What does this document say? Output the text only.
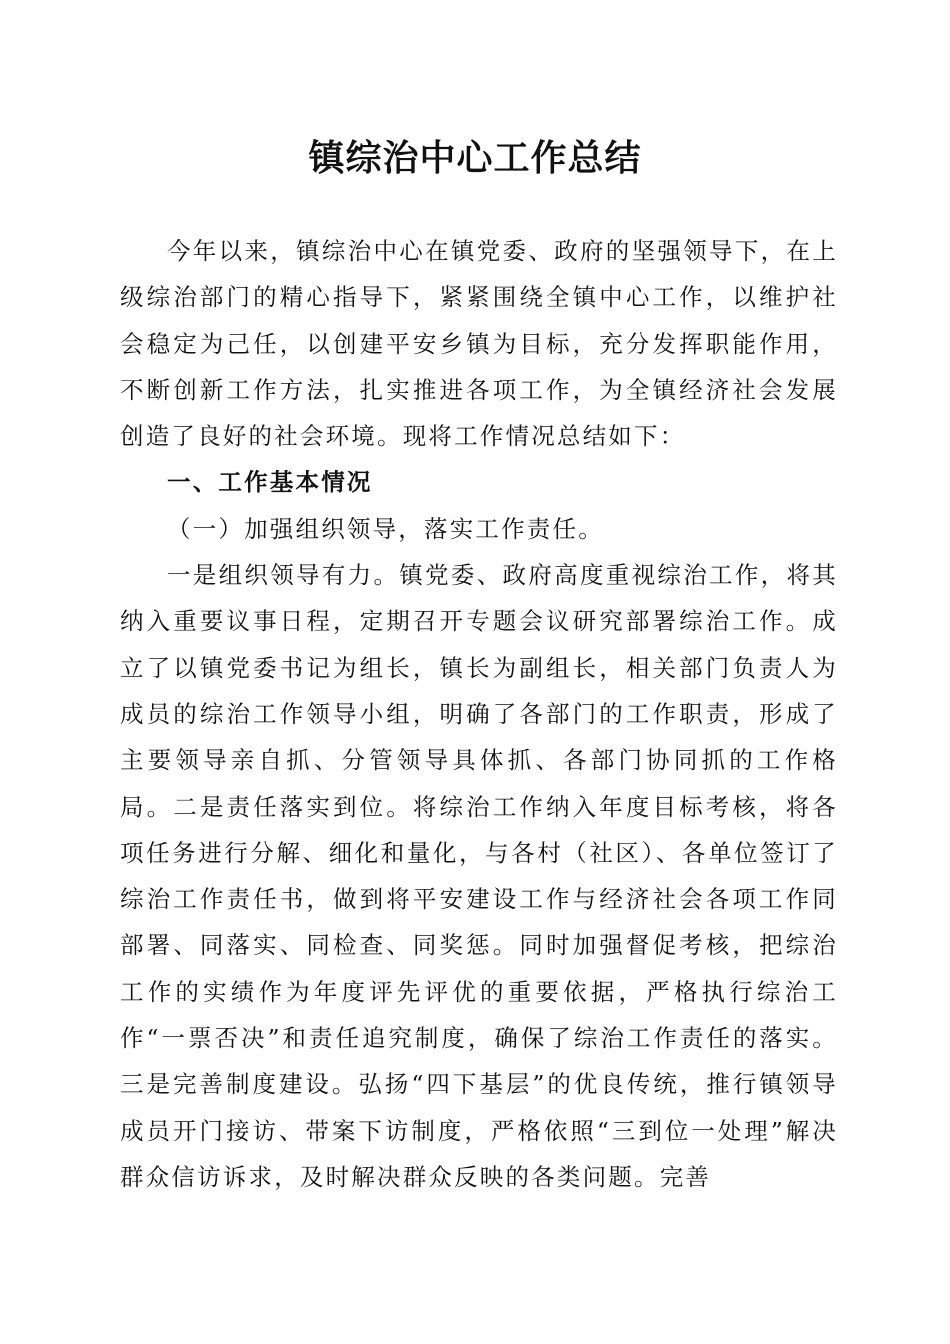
镇综治中心工作总结

今年以来，镇综治中心在镇党委、政府的坚强领导下，在上级综治部门的精心指导下，紧紧围绕全镇中心工作，以维护社会稳定为己任，以创建平安乡镇为目标，充分发挥职能作用，不断创新工作方法，扎实推进各项工作，为全镇经济社会发展创造了良好的社会环境。现将工作情况总结如下：

一、工作基本情况

（一）加强组织领导，落实工作责任。

一是组织领导有力。镇党委、政府高度重视综治工作，将其纳入重要议事日程，定期召开专题会议研究部署综治工作。成立了以镇党委书记为组长，镇长为副组长，相关部门负责人为成员的综治工作领导小组，明确了各部门的工作职责，形成了主要领导亲自抓、分管领导具体抓、各部门协同抓的工作格局。二是责任落实到位。将综治工作纳入年度目标考核，将各项任务进行分解、细化和量化，与各村（社区）、各单位签订了综治工作责任书，做到将平安建设工作与经济社会各项工作同部署、同落实、同检查、同奖惩。同时加强督促考核，把综治工作的实绩作为年度评先评优的重要依据，严格执行综治工作“一票否决”和责任追究制度，确保了综治工作责任的落实。三是完善制度建设。弘扬“四下基层”的优良传统，推行镇领导成员开门接访、带案下访制度，严格依照“三到位一处理”解决群众信访诉求，及时解决群众反映的各类问题。完善
